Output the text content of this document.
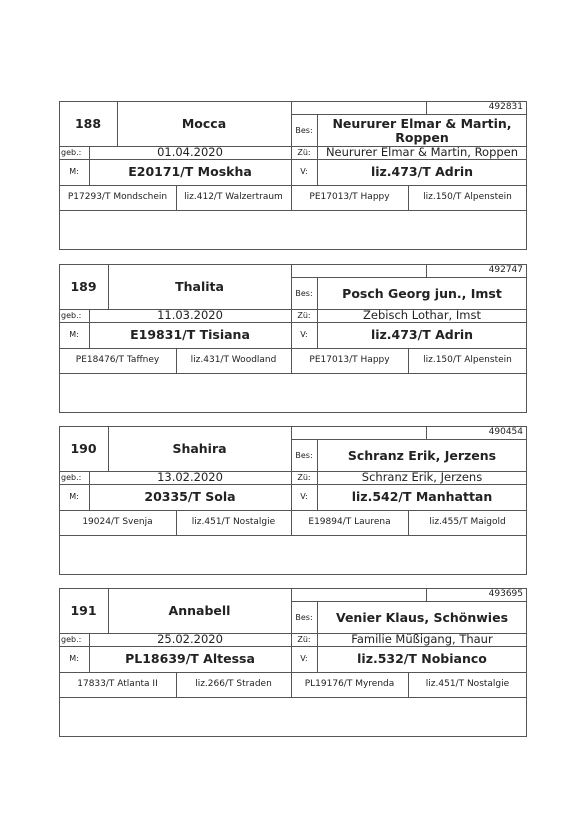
188	Mocca
492831
Bes:	Neururer Elmar & Martin, Roppen
geb.:	01.04.2020	Zü:	Neururer Elmar & Martin, Roppen
M:	E20171/T Moskha	V:	liz.473/T Adrin
P17293/T Mondschein	liz.412/T Walzertraum	PE17013/T Happy	liz.150/T Alpenstein
189	Thalita
492747
Bes:	Posch Georg jun., Imst
geb.:	11.03.2020	Zü:	Zebisch Lothar, Imst
M:	E19831/T Tisiana	V:	liz.473/T Adrin
PE18476/T Taffney	liz.431/T Woodland	PE17013/T Happy	liz.150/T Alpenstein
190	Shahira
490454
Bes:	Schranz Erik, Jerzens
geb.:	13.02.2020	Zü:	Schranz Erik, Jerzens
M:	20335/T Sola	V:	liz.542/T Manhattan
19024/T Svenja	liz.451/T Nostalgie	E19894/T Laurena	liz.455/T Maigold
191	Annabell
493695
Bes:	Venier Klaus, Schönwies
geb.:	25.02.2020	Zü:	Familie Müßigang, Thaur
M:	PL18639/T Altessa	V:	liz.532/T Nobianco
17833/T Atlanta II	liz.266/T Straden	PL19176/T Myrenda	liz.451/T Nostalgie
